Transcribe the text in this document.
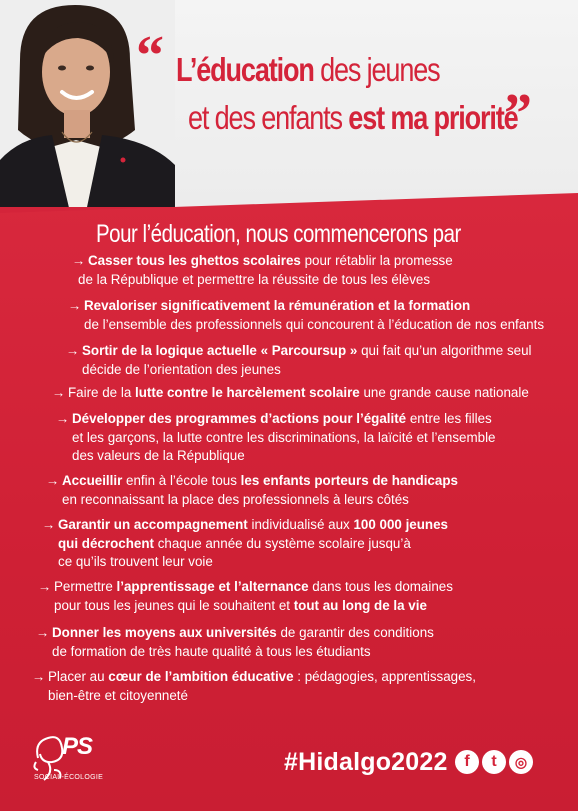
“ L’éducation des jeunes
et des enfants est ma priorité
”
Pour l’éducation, nous commencerons par
→ Casser tous les ghettos scolaires pour rétablir la promesse
de la République et permettre la réussite de tous les élèves
→ Revaloriser significativement la rémunération et la formation
de l’ensemble des professionnels qui concourent à l’éducation de nos enfants
→ Sortir de la logique actuelle « Parcoursup » qui fait qu’un algorithme seul
décide de l’orientation des jeunes
→ Faire de la lutte contre le harcèlement scolaire une grande cause nationale
→ Développer des programmes d’actions pour l’égalité entre les filles
et les garçons, la lutte contre les discriminations, la laïcité et l’ensemble
des valeurs de la République
→ Accueillir enfin à l’école tous les enfants porteurs de handicaps
en reconnaissant la place des professionnels à leurs côtés
→ Garantir un accompagnement individualisé aux 100 000 jeunes
qui décrochent chaque année du système scolaire jusqu’à
ce qu’ils trouvent leur voie
→ Permettre l’apprentissage et l’alternance dans tous les domaines
pour tous les jeunes qui le souhaitent et tout au long de la vie
→ Donner les moyens aux universités de garantir des conditions
de formation de très haute qualité à tous les étudiants
→ Placer au cœur de l’ambition éducative : pédagogies, apprentissages,
bien-être et citoyenneté
PS
SOCIAL-ÉCOLOGIE
#Hidalgo2022	f	t	◎
